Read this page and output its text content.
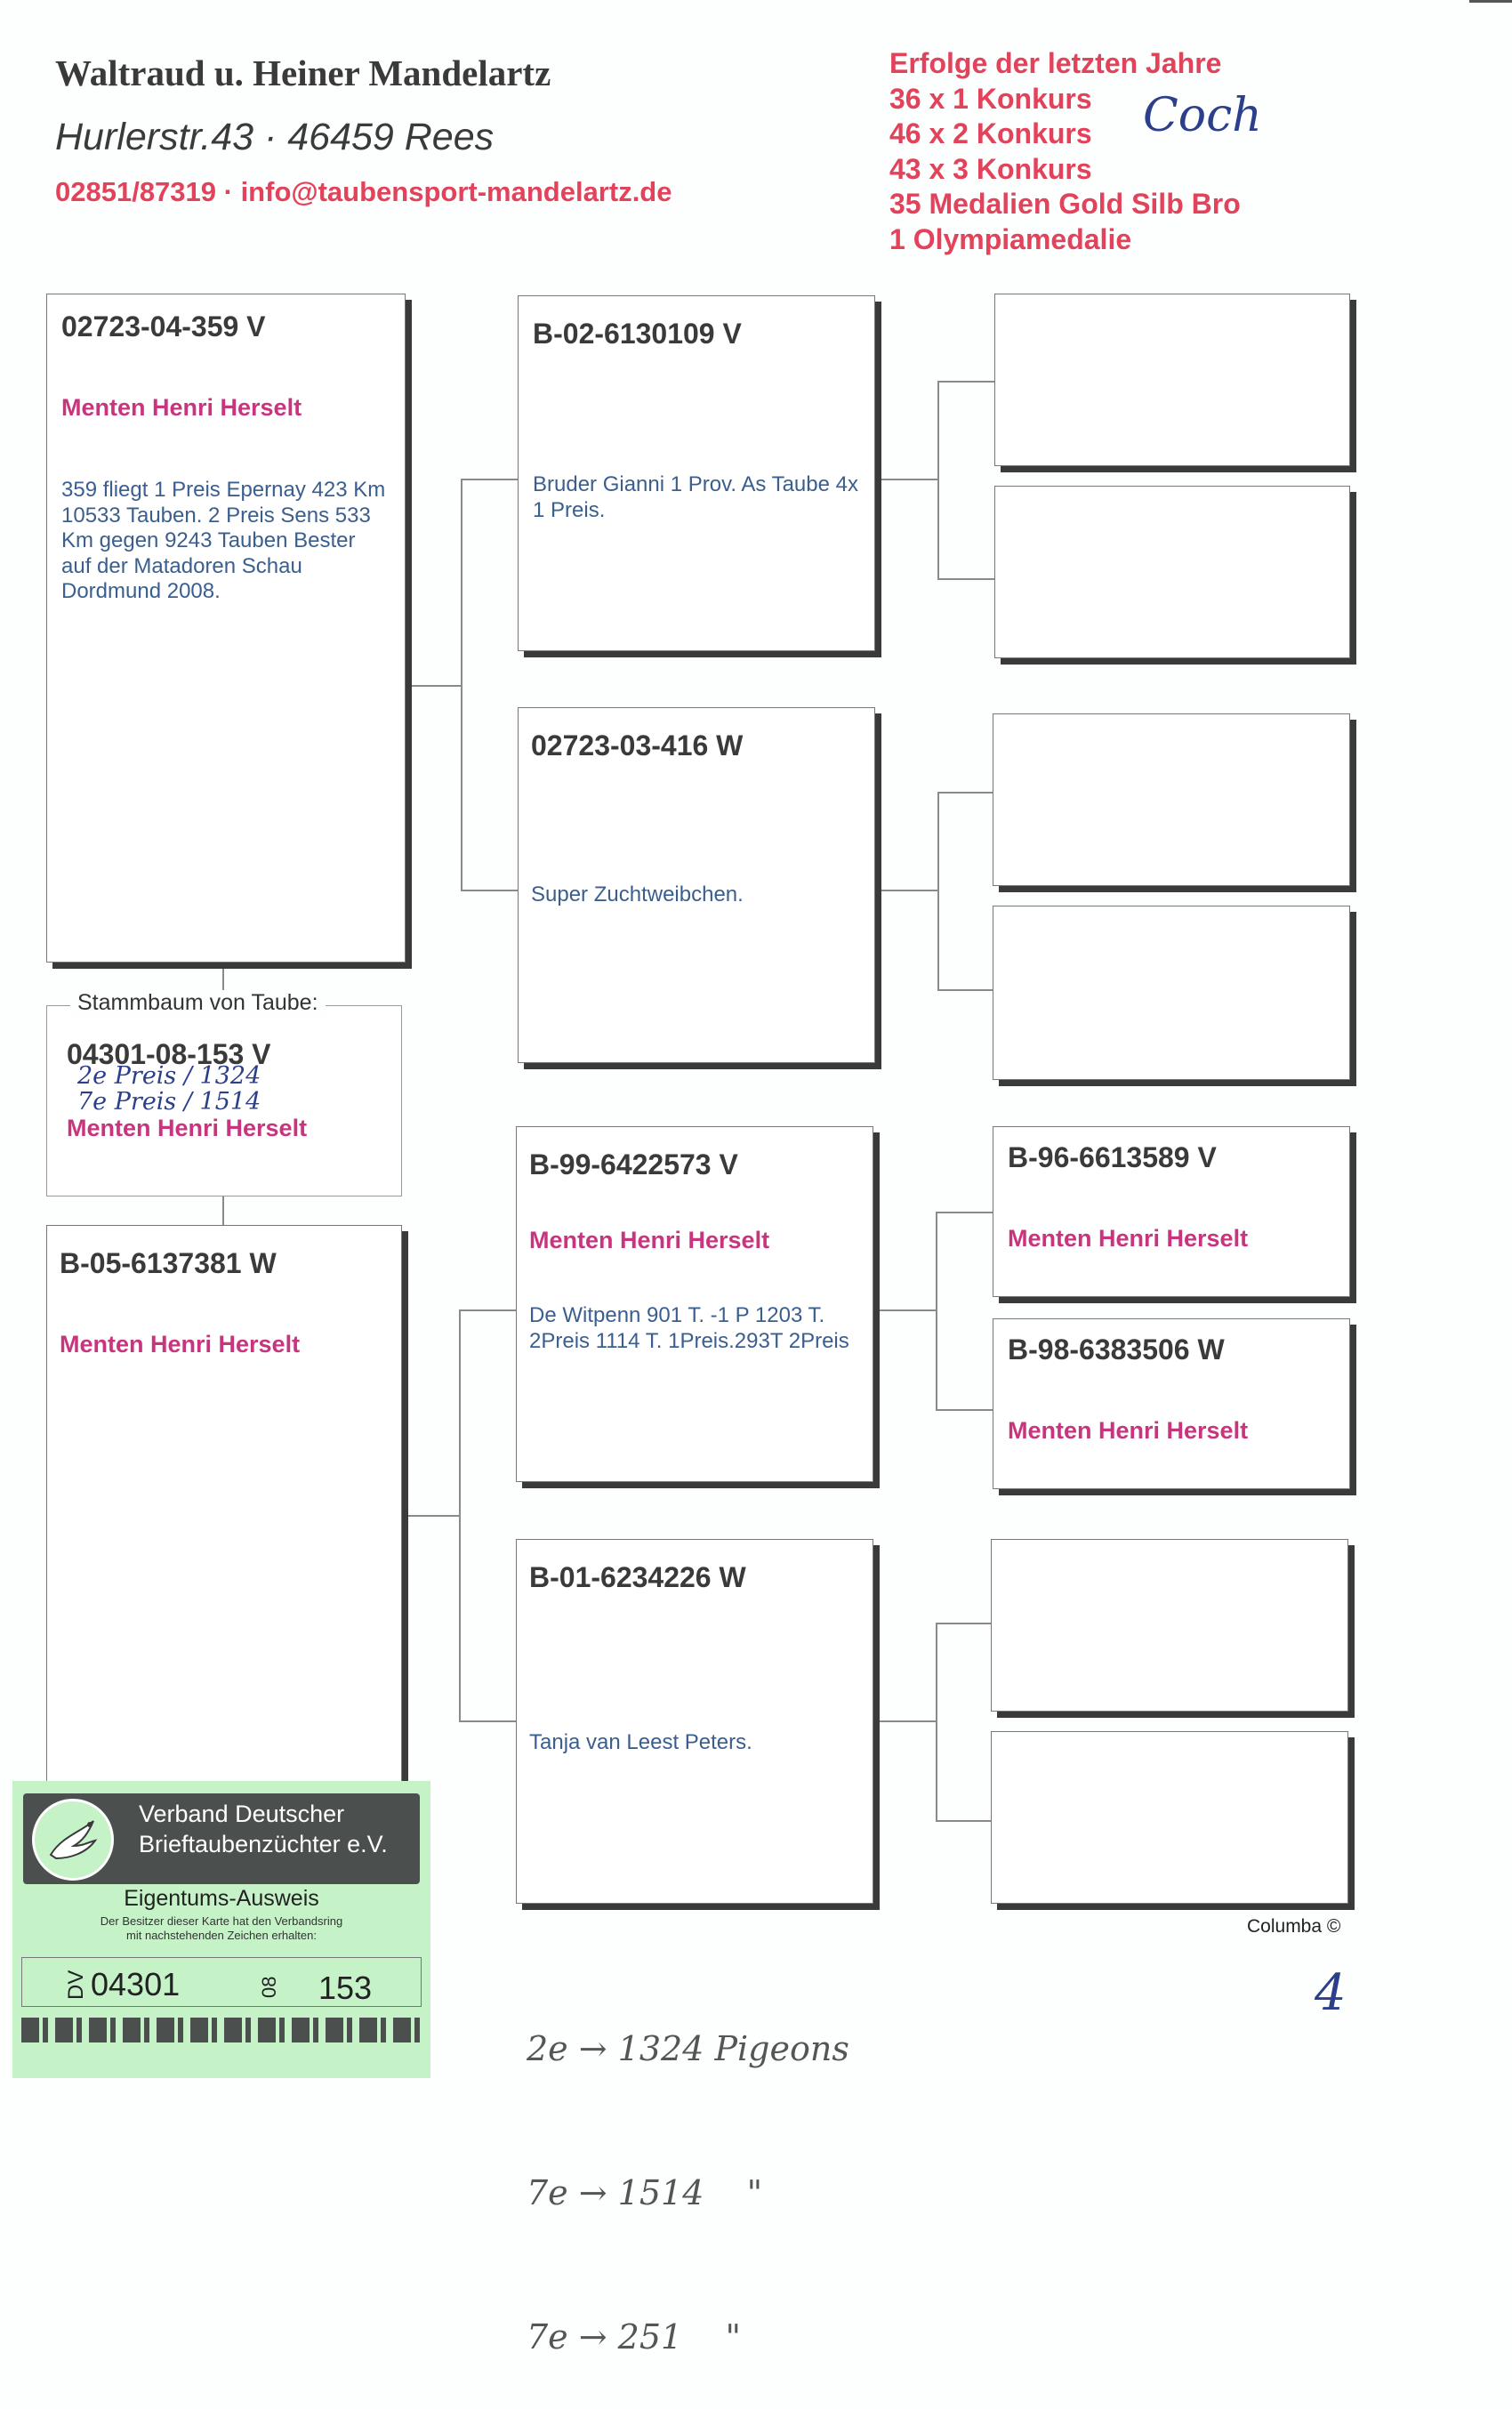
Waltraud u. Heiner Mandelartz
Hurlerstr.43 · 46459 Rees
02851/87319 · info@taubensport-mandelartz.de
Erfolge der letzten Jahre
36 x 1 Konkurs
46 x 2 Konkurs
43 x 3 Konkurs
35 Medalien Gold Silb Bro
1 Olympiamedalie
Coch
02723-04-359 V
Menten Henri Herselt
359 fliegt 1 Preis Epernay 423 Km 10533 Tauben. 2 Preis Sens 533 Km gegen 9243 Tauben Bester auf der Matadoren Schau Dordmund 2008.
Stammbaum von Taube:
04301-08-153 V
2e Preis / 1324
7e Preis / 1514
Menten Henri Herselt
B-05-6137381 W
Menten Henri Herselt
B-02-6130109 V
Bruder Gianni 1 Prov. As Taube 4x 1 Preis.
02723-03-416 W
Super Zuchtweibchen.
B-99-6422573 V
Menten Henri Herselt
De Witpenn 901 T. -1 P 1203 T. 2Preis 1114 T. 1Preis.293T 2Preis
B-01-6234226 W
Tanja van Leest Peters.
B-96-6613589 V
Menten Henri Herselt
B-98-6383506 W
Menten Henri Herselt
Columba ©

2e → 1324 Pigeons

7e → 1514    "

7e → 251    "

4
Verband Deutscher
Brieftaubenzüchter e.V.
Eigentums-Ausweis
Der Besitzer dieser Karte hat den Verbandsring
mit nachstehenden Zeichen erhalten:
DV 04301	08 153
